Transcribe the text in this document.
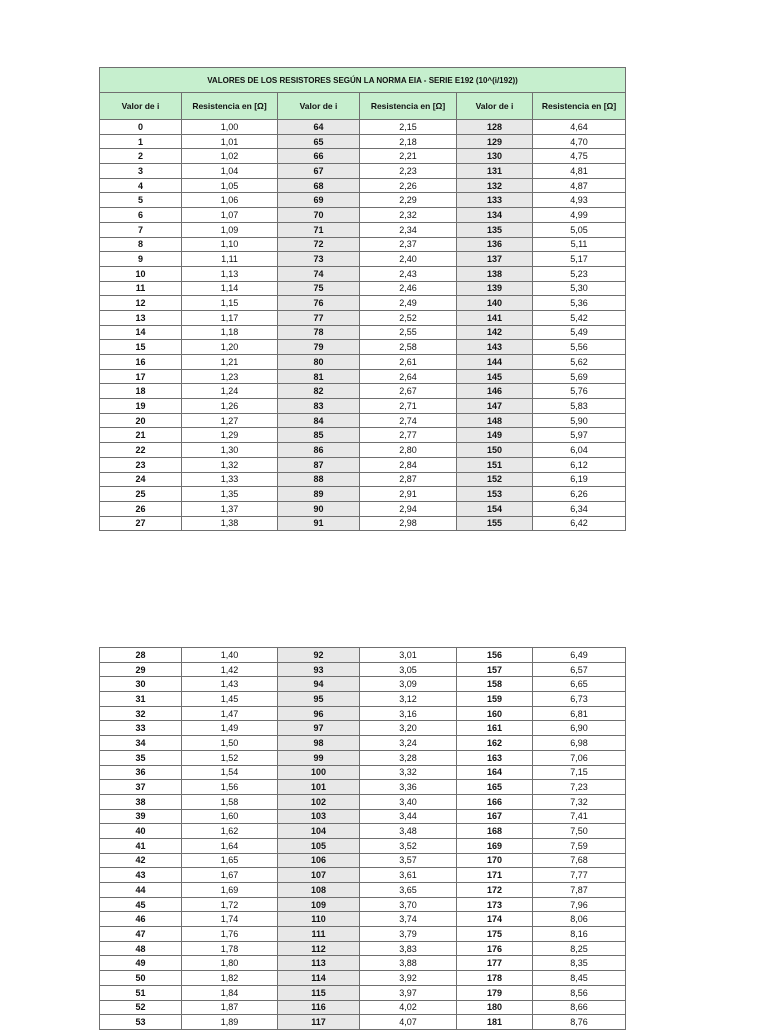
VALORES DE LOS RESISTORES SEGÚN LA NORMA EIA - SERIE E192 (10^(i/192))					
Valor de i	Resistencia en [Ω]	Valor de i	Resistencia en [Ω]	Valor de i	Resistencia en [Ω]
0	1,00	64	2,15	128	4,64
1	1,01	65	2,18	129	4,70
2	1,02	66	2,21	130	4,75
3	1,04	67	2,23	131	4,81
4	1,05	68	2,26	132	4,87
5	1,06	69	2,29	133	4,93
6	1,07	70	2,32	134	4,99
7	1,09	71	2,34	135	5,05
8	1,10	72	2,37	136	5,11
9	1,11	73	2,40	137	5,17
10	1,13	74	2,43	138	5,23
11	1,14	75	2,46	139	5,30
12	1,15	76	2,49	140	5,36
13	1,17	77	2,52	141	5,42
14	1,18	78	2,55	142	5,49
15	1,20	79	2,58	143	5,56
16	1,21	80	2,61	144	5,62
17	1,23	81	2,64	145	5,69
18	1,24	82	2,67	146	5,76
19	1,26	83	2,71	147	5,83
20	1,27	84	2,74	148	5,90
21	1,29	85	2,77	149	5,97
22	1,30	86	2,80	150	6,04
23	1,32	87	2,84	151	6,12
24	1,33	88	2,87	152	6,19
25	1,35	89	2,91	153	6,26
26	1,37	90	2,94	154	6,34
27	1,38	91	2,98	155	6,42
28	1,40	92	3,01	156	6,49
29	1,42	93	3,05	157	6,57
30	1,43	94	3,09	158	6,65
31	1,45	95	3,12	159	6,73
32	1,47	96	3,16	160	6,81
33	1,49	97	3,20	161	6,90
34	1,50	98	3,24	162	6,98
35	1,52	99	3,28	163	7,06
36	1,54	100	3,32	164	7,15
37	1,56	101	3,36	165	7,23
38	1,58	102	3,40	166	7,32
39	1,60	103	3,44	167	7,41
40	1,62	104	3,48	168	7,50
41	1,64	105	3,52	169	7,59
42	1,65	106	3,57	170	7,68
43	1,67	107	3,61	171	7,77
44	1,69	108	3,65	172	7,87
45	1,72	109	3,70	173	7,96
46	1,74	110	3,74	174	8,06
47	1,76	111	3,79	175	8,16
48	1,78	112	3,83	176	8,25
49	1,80	113	3,88	177	8,35
50	1,82	114	3,92	178	8,45
51	1,84	115	3,97	179	8,56
52	1,87	116	4,02	180	8,66
53	1,89	117	4,07	181	8,76
